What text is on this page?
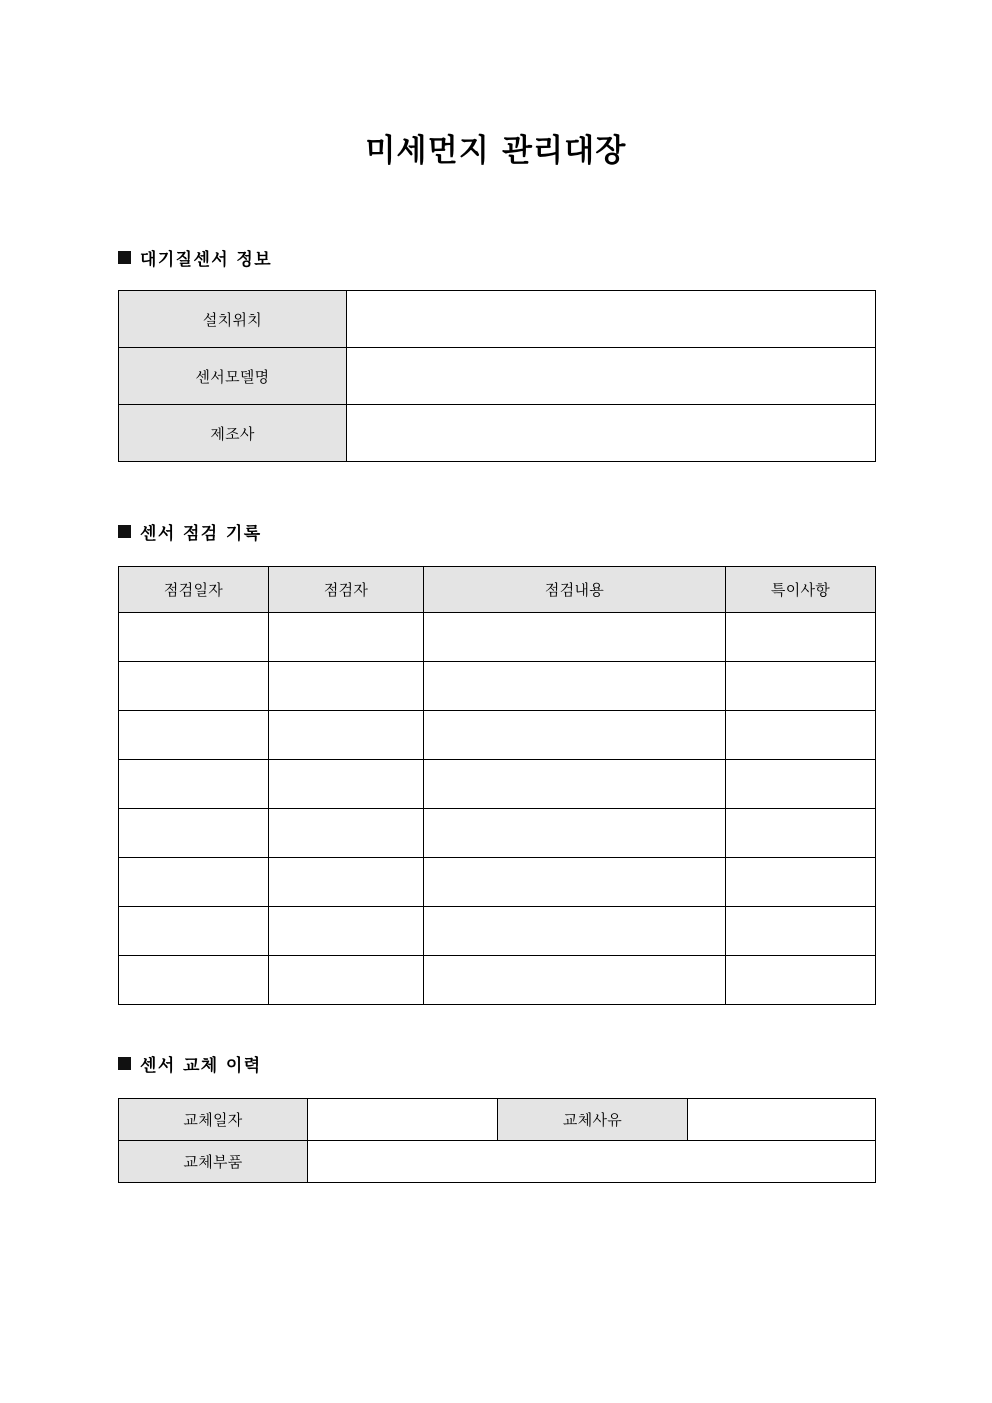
미세먼지 관리대장
대기질센서 정보
설치위치	
센서모델명	
제조사	
센서 점검 기록
점검일자	점검자	점검내용	특이사항

센서 교체 이력
교체일자		교체사유	
교체부품			
